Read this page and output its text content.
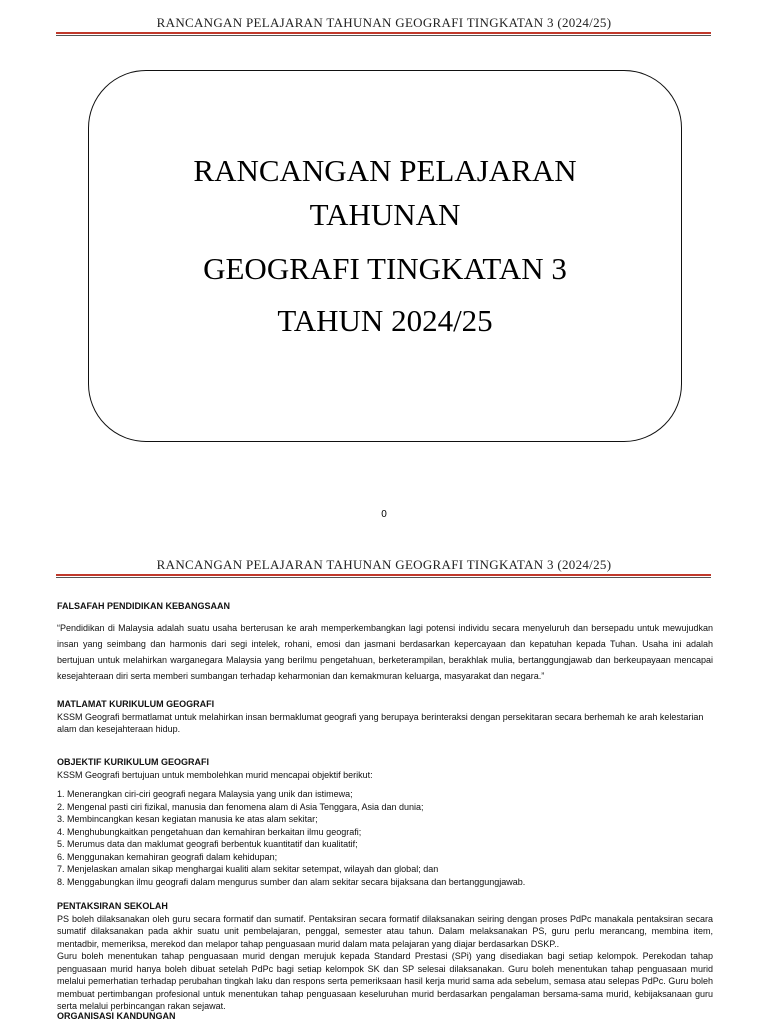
RANCANGAN PELAJARAN TAHUNAN GEOGRAFI TINGKATAN 3 (2024/25)
RANCANGAN PELAJARAN
TAHUNAN
GEOGRAFI TINGKATAN 3
TAHUN 2024/25
0
RANCANGAN PELAJARAN TAHUNAN GEOGRAFI TINGKATAN 3 (2024/25)
FALSAFAH PENDIDIKAN KEBANGSAAN
“Pendidikan di Malaysia adalah suatu usaha berterusan ke arah memperkembangkan lagi potensi individu secara menyeluruh dan bersepadu untuk mewujudkan insan yang seimbang dan harmonis dari segi intelek, rohani, emosi dan jasmani berdasarkan kepercayaan dan kepatuhan kepada Tuhan. Usaha ini adalah bertujuan untuk melahirkan warganegara Malaysia yang berilmu pengetahuan, berketerampilan, berakhlak mulia, bertanggungjawab dan berkeupayaan mencapai kesejahteraan diri serta memberi sumbangan terhadap keharmonian dan kemakmuran keluarga, masyarakat dan negara.”
MATLAMAT KURIKULUM GEOGRAFI
KSSM Geografi bermatlamat untuk melahirkan insan bermaklumat geografi yang berupaya berinteraksi dengan persekitaran secara berhemah ke arah kelestarian alam dan kesejahteraan hidup.
OBJEKTIF KURIKULUM GEOGRAFI
KSSM Geografi bertujuan untuk membolehkan murid mencapai objektif berikut:
1. Menerangkan ciri-ciri geografi negara Malaysia yang unik dan istimewa;
2. Mengenal pasti ciri fizikal, manusia dan fenomena alam di Asia Tenggara, Asia dan dunia;
3. Membincangkan kesan kegiatan manusia ke atas alam sekitar;
4. Menghubungkaitkan pengetahuan dan kemahiran berkaitan ilmu geografi;
5. Merumus data dan maklumat geografi berbentuk kuantitatif dan kualitatif;
6. Menggunakan kemahiran geografi dalam kehidupan;
7. Menjelaskan amalan sikap menghargai kualiti alam sekitar setempat, wilayah dan global; dan
8. Menggabungkan ilmu geografi dalam mengurus sumber dan alam sekitar secara bijaksana dan bertanggungjawab.
PENTAKSIRAN SEKOLAH
PS boleh dilaksanakan oleh guru secara formatif dan sumatif. Pentaksiran secara formatif dilaksanakan seiring dengan proses PdPc manakala pentaksiran secara sumatif dilaksanakan pada akhir suatu unit pembelajaran, penggal, semester atau tahun. Dalam melaksanakan PS, guru perlu merancang, membina item, mentadbir, memeriksa, merekod dan melapor tahap penguasaan murid dalam mata pelajaran yang diajar berdasarkan DSKP..
Guru boleh menentukan tahap penguasaan murid dengan merujuk kepada Standard Prestasi (SPi) yang disediakan bagi setiap kelompok. Perekodan tahap penguasaan murid hanya boleh dibuat setelah PdPc bagi setiap kelompok SK dan SP selesai dilaksanakan. Guru boleh menentukan tahap penguasaan murid melalui pemerhatian terhadap perubahan tingkah laku dan respons serta pemeriksaan hasil kerja murid sama ada sebelum, semasa atau selepas PdPc. Guru boleh membuat pertimbangan profesional untuk menentukan tahap penguasaan keseluruhan murid berdasarkan pengalaman bersama-sama murid, kebijaksanaan guru serta melalui perbincangan rakan sejawat.
ORGANISASI KANDUNGAN
